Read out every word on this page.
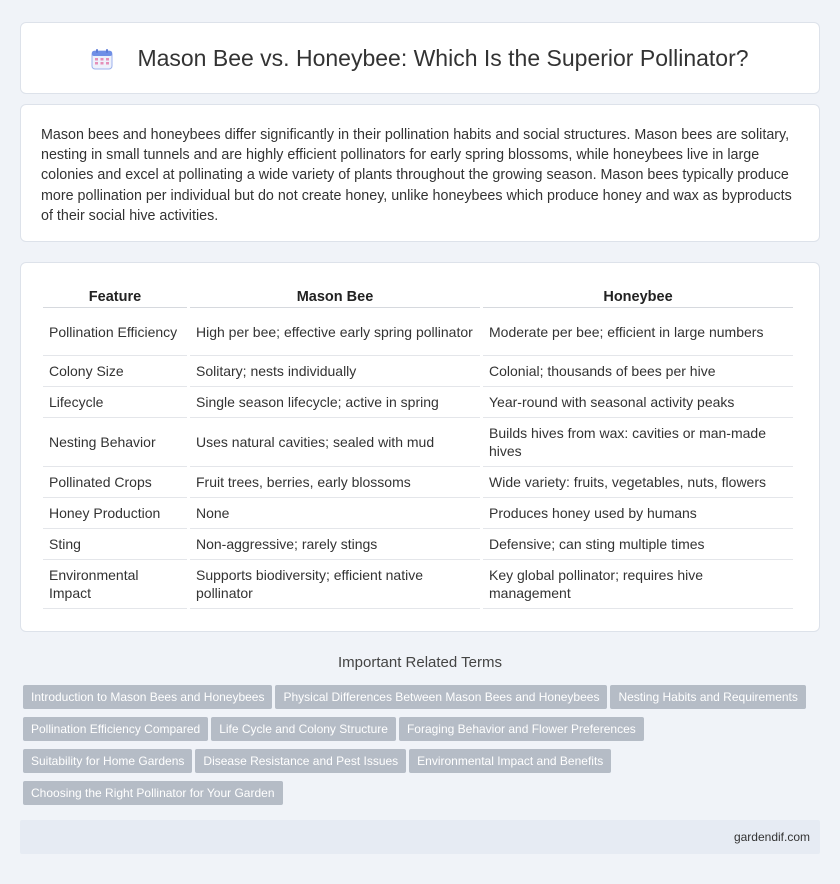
Mason Bee vs. Honeybee: Which Is the Superior Pollinator?

Mason bees and honeybees differ significantly in their pollination habits and social structures. Mason bees are solitary, nesting in small tunnels and are highly efficient pollinators for early spring blossoms, while honeybees live in large colonies and excel at pollinating a wide variety of plants throughout the growing season. Mason bees typically produce more pollination per individual but do not create honey, unlike honeybees which produce honey and wax as byproducts of their social hive activities.

Feature	Mason Bee	Honeybee
Pollination Efficiency	High per bee; effective early spring pollinator	Moderate per bee; efficient in large numbers
Colony Size	Solitary; nests individually	Colonial; thousands of bees per hive
Lifecycle	Single season lifecycle; active in spring	Year-round with seasonal activity peaks
Nesting Behavior	Uses natural cavities; sealed with mud	Builds hives from wax: cavities or man-made hives
Pollinated Crops	Fruit trees, berries, early blossoms	Wide variety: fruits, vegetables, nuts, flowers
Honey Production	None	Produces honey used by humans
Sting	Non-aggressive; rarely stings	Defensive; can sting multiple times
Environmental Impact	Supports biodiversity; efficient native pollinator	Key global pollinator; requires hive management
Important Related Terms
Introduction to Mason Bees and Honeybees Physical Differences Between Mason Bees and Honeybees Nesting Habits and Requirements
Pollination Efficiency Compared Life Cycle and Colony Structure Foraging Behavior and Flower Preferences
Suitability for Home Gardens Disease Resistance and Pest Issues Environmental Impact and Benefits
Choosing the Right Pollinator for Your Garden
gardendif.com
